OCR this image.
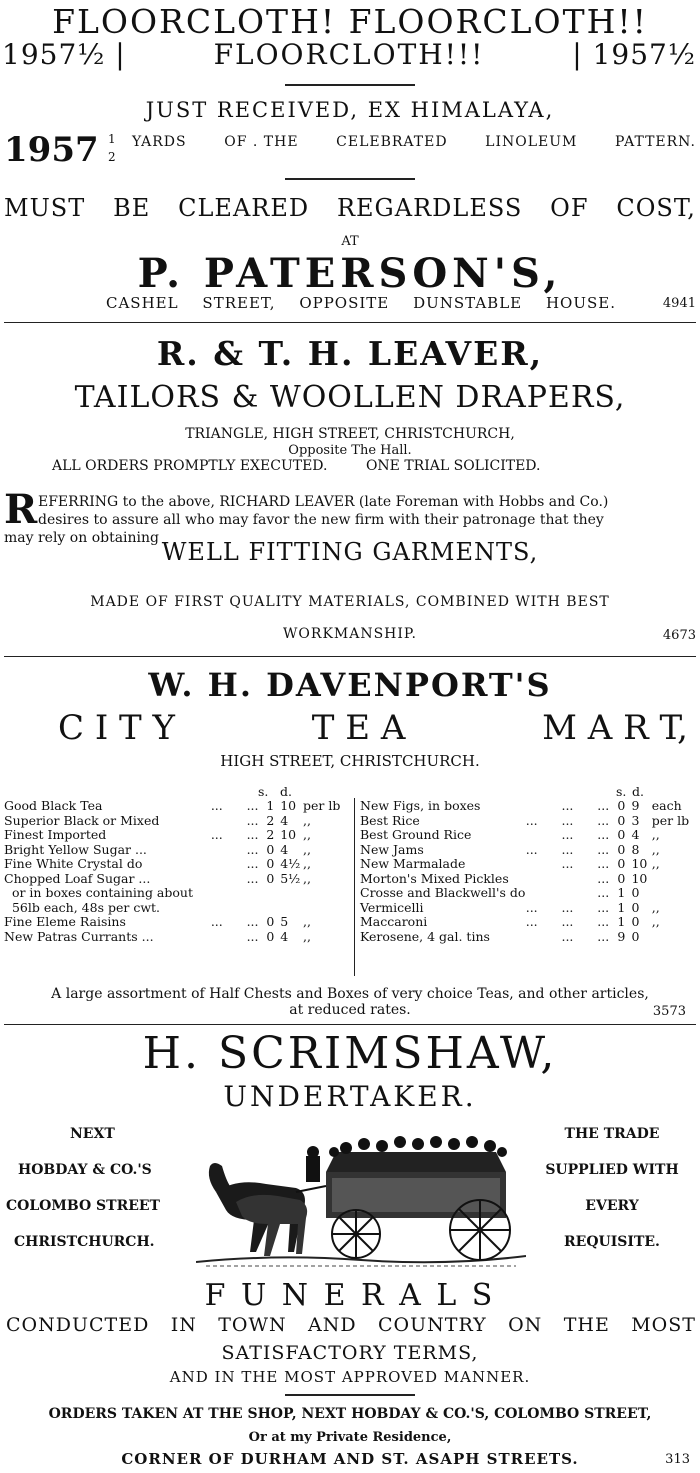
FLOORCLOTH! FLOORCLOTH!!
1957½ |	FLOORCLOTH!!!	| 1957½
JUST RECEIVED, EX HIMALAYA,
1957 1
2
YARDS	OF . THE	CELEBRATED	LINOLEUM	PATTERN.
MUST BE CLEARED REGARDLESS OF COST,
AT
P. PATERSON'S,
CASHEL STREET, OPPOSITE DUNSTABLE HOUSE.	4941
R. & T. H. LEAVER,
TAILORS & WOOLLEN DRAPERS,
TRIANGLE, HIGH STREET, CHRISTCHURCH,
Opposite The Hall.
ALL ORDERS PROMPTLY EXECUTED.	ONE TRIAL SOLICITED.
R EFERRING to the above, RICHARD LEAVER (late Foreman with Hobbs and Co.)
desires to assure all who may favor the new firm with their patronage that they
may rely on obtaining WELL FITTING GARMENTS,
MADE OF FIRST QUALITY MATERIALS, COMBINED WITH BEST
WORKMANSHIP.	4673
W. H. DAVENPORT'S
C I T Y	T E A	M A R T,
HIGH STREET, CHRISTCHURCH.
s. d.
Good Black Tea	...      ...	1	10	per lb
Superior Black or Mixed	...	2	4	,,
Finest Imported	...      ...	2	10	,,
Bright Yellow Sugar ...	...	0	4	,,
Fine White Crystal do	...	0	4½	,,
Chopped Loaf Sugar ...	...	0	5½	,,
or in boxes containing about				
56lb each, 48s per cwt.				
Fine Eleme Raisins	...      ...	0	5	,,
New Patras Currants ...	...	0	4	,,
s. d.
New Figs, in boxes	...      ...	0	9	each
Best Rice	...      ...      ...	0	3	per lb
Best Ground Rice	...      ...	0	4	,,
New Jams	...      ...      ...	0	8	,,
New Marmalade	...      ...	0	10	,,
Morton's Mixed Pickles	...	0	10	
Crosse and Blackwell's do	...	1	0	
Vermicelli	...      ...      ...	1	0	,,
Maccaroni	...      ...      ...	1	0	,,
Kerosene, 4 gal. tins	...      ...	9	0	
A large assortment of Half Chests and Boxes of very choice Teas, and other articles,
at reduced rates.	3573
H. SCRIMSHAW,
UNDERTAKER.
NEXT
HOBDAY & CO.'S
COLOMBO STREET
CHRISTCHURCH.
THE TRADE
SUPPLIED WITH
EVERY
REQUISITE.
F U N E R A L S
CONDUCTED IN TOWN AND COUNTRY ON THE MOST
SATISFACTORY TERMS,
AND IN THE MOST APPROVED MANNER.
ORDERS TAKEN AT THE SHOP, NEXT HOBDAY & CO.'S, COLOMBO STREET,
Or at my Private Residence,
CORNER OF DURHAM AND ST. ASAPH STREETS.	313
